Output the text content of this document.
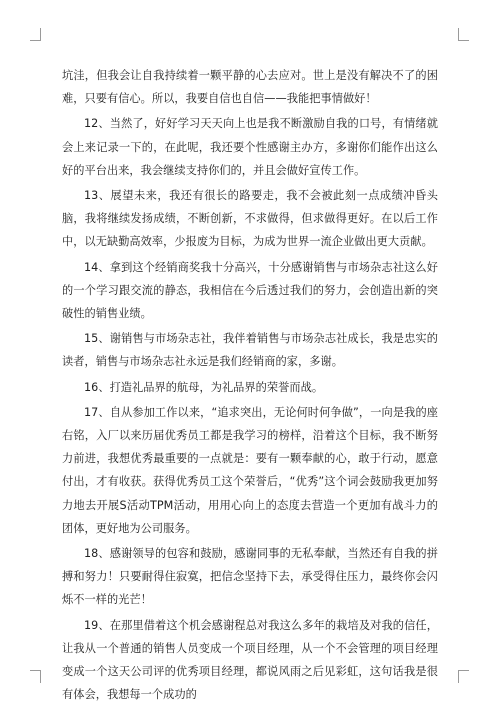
坑洼，但我会让自我持续着一颗平静的心去应对。世上是没有解决不了的困难，只要有信心。所以，我要自信也自信——我能把事情做好！

12、当然了，好好学习天天向上也是我不断激励自我的口号，有情绪就会上来记录一下的，在此呢，我还要个性感谢主办方，多谢你们能作出这么好的平台出来，我会继续支持你们的，并且会做好宣传工作。

13、展望未来，我还有很长的路要走，我不会被此刻一点成绩冲昏头脑，我将继续发扬成绩，不断创新，不求做得，但求做得更好。在以后工作中，以无缺勤高效率，少报废为目标，为成为世界一流企业做出更大贡献。

14、拿到这个经销商奖我十分高兴，十分感谢销售与市场杂志社这么好的一个学习跟交流的静态，我相信在今后透过我们的努力，会创造出新的突破性的销售业绩。

15、谢销售与市场杂志社，我伴着销售与市场杂志社成长，我是忠实的读者，销售与市场杂志社永远是我们经销商的家，多谢。

16、打造礼品界的航母，为礼品界的荣誉而战。

17、自从参加工作以来，“追求突出，无论何时何争做”，一向是我的座右铭，入厂以来历届优秀员工都是我学习的榜样，沿着这个目标，我不断努力前进，我想优秀最重要的一点就是：要有一颗奉献的心，敢于行动，愿意付出，才有收获。获得优秀员工这个荣誉后，“优秀”这个词会鼓励我更加努力地去开展S活动TPM活动，用用心向上的态度去营造一个更加有战斗力的团体，更好地为公司服务。

18、感谢领导的包容和鼓励，感谢同事的无私奉献，当然还有自我的拼搏和努力！只要耐得住寂寞，把信念坚持下去，承受得住压力，最终你会闪烁不一样的光芒！

19、在那里借着这个机会感谢程总对我这么多年的栽培及对我的信任，让我从一个普通的销售人员变成一个项目经理，从一个不会管理的项目经理变成一个这天公司评的优秀项目经理，都说风雨之后见彩虹，这句话我是很有体会，我想每一个成功的
